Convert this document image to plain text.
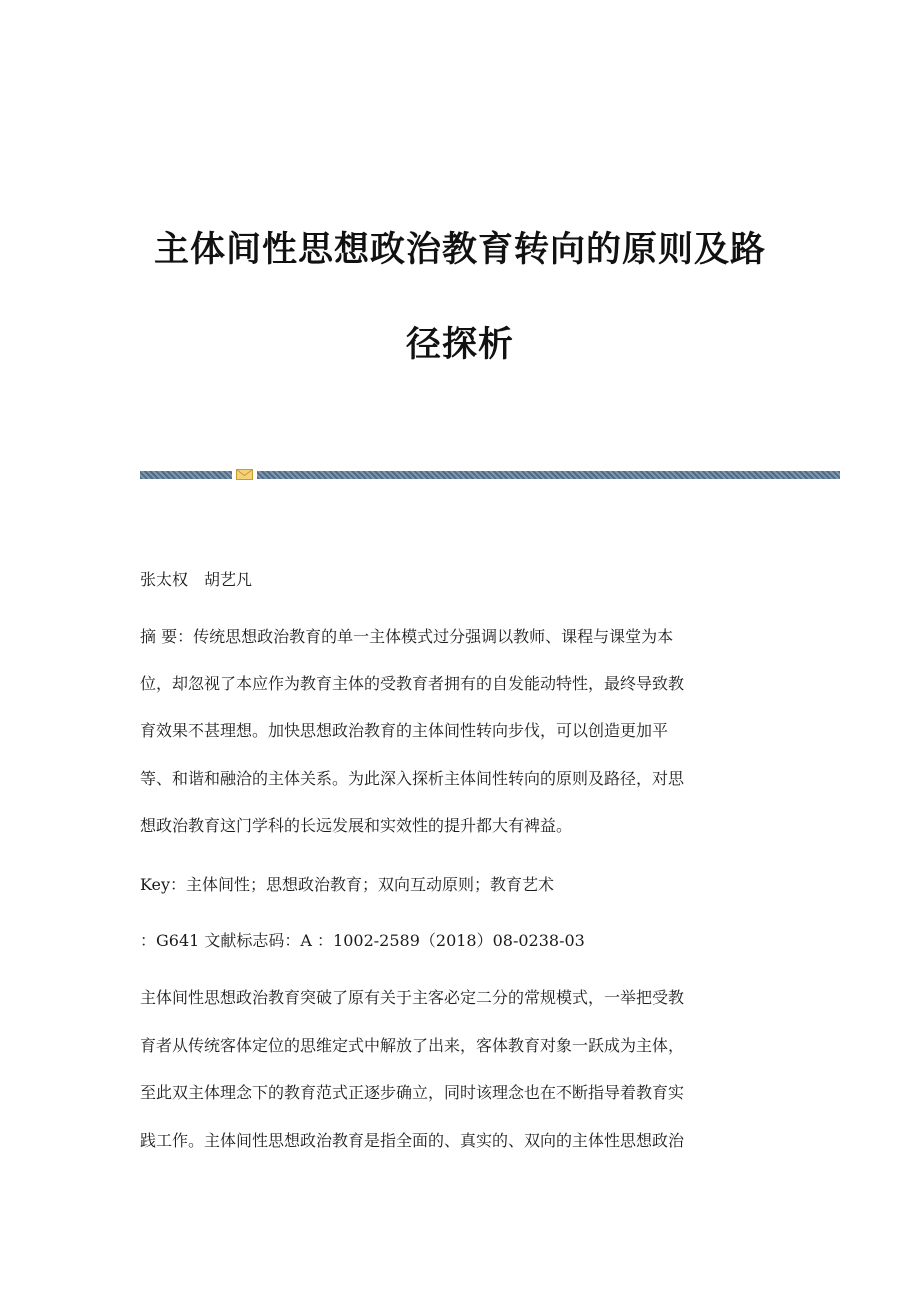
主体间性思想政治教育转向的原则及路
径探析

张太权　胡艺凡

摘 要：传统思想政治教育的单一主体模式过分强调以教师、课程与课堂为本

位，却忽视了本应作为教育主体的受教育者拥有的自发能动特性，最终导致教

育效果不甚理想。加快思想政治教育的主体间性转向步伐，可以创造更加平

等、和谐和融洽的主体关系。为此深入探析主体间性转向的原则及路径，对思

想政治教育这门学科的长远发展和实效性的提升都大有裨益。

Key：主体间性；思想政治教育；双向互动原则；教育艺术

：G641 文献标志码：A ：1002-2589（2018）08-0238-03

主体间性思想政治教育突破了原有关于主客必定二分的常规模式，一举把受教

育者从传统客体定位的思维定式中解放了出来，客体教育对象一跃成为主体，

至此双主体理念下的教育范式正逐步确立，同时该理念也在不断指导着教育实

践工作。主体间性思想政治教育是指全面的、真实的、双向的主体性思想政治
